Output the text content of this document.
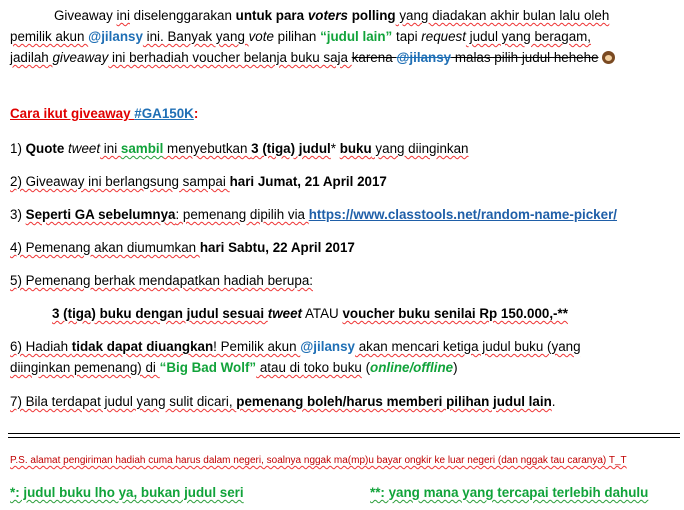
Giveaway ini diselenggarakan untuk para voters polling yang diadakan akhir bulan lalu oleh
pemilik akun @jilansy ini. Banyak yang vote pilihan “judul lain” tapi request judul yang beragam,
jadilah giveaway ini berhadiah voucher belanja buku saja karena @jilansy malas pilih judul hehehe
Cara ikut giveaway #GA150K:
1) Quote tweet ini sambil menyebutkan 3 (tiga) judul* buku yang diinginkan
2) Giveaway ini berlangsung sampai hari Jumat, 21 April 2017
3) Seperti GA sebelumnya: pemenang dipilih via https://www.classtools.net/random-name-picker/
4) Pemenang akan diumumkan hari Sabtu, 22 April 2017
5) Pemenang berhak mendapatkan hadiah berupa:
3 (tiga) buku dengan judul sesuai tweet ATAU voucher buku senilai Rp 150.000,-**
6) Hadiah tidak dapat diuangkan! Pemilik akun @jilansy akan mencari ketiga judul buku (yang
diinginkan pemenang) di “Big Bad Wolf” atau di toko buku (online/offline)
7) Bila terdapat judul yang sulit dicari, pemenang boleh/harus memberi pilihan judul lain.
P.S. alamat pengiriman hadiah cuma harus dalam negeri, soalnya nggak ma(mp)u bayar ongkir ke luar negeri (dan nggak tau caranya) T_T
*: judul buku lho ya, bukan judul seri	**: yang mana yang tercapai terlebih dahulu
